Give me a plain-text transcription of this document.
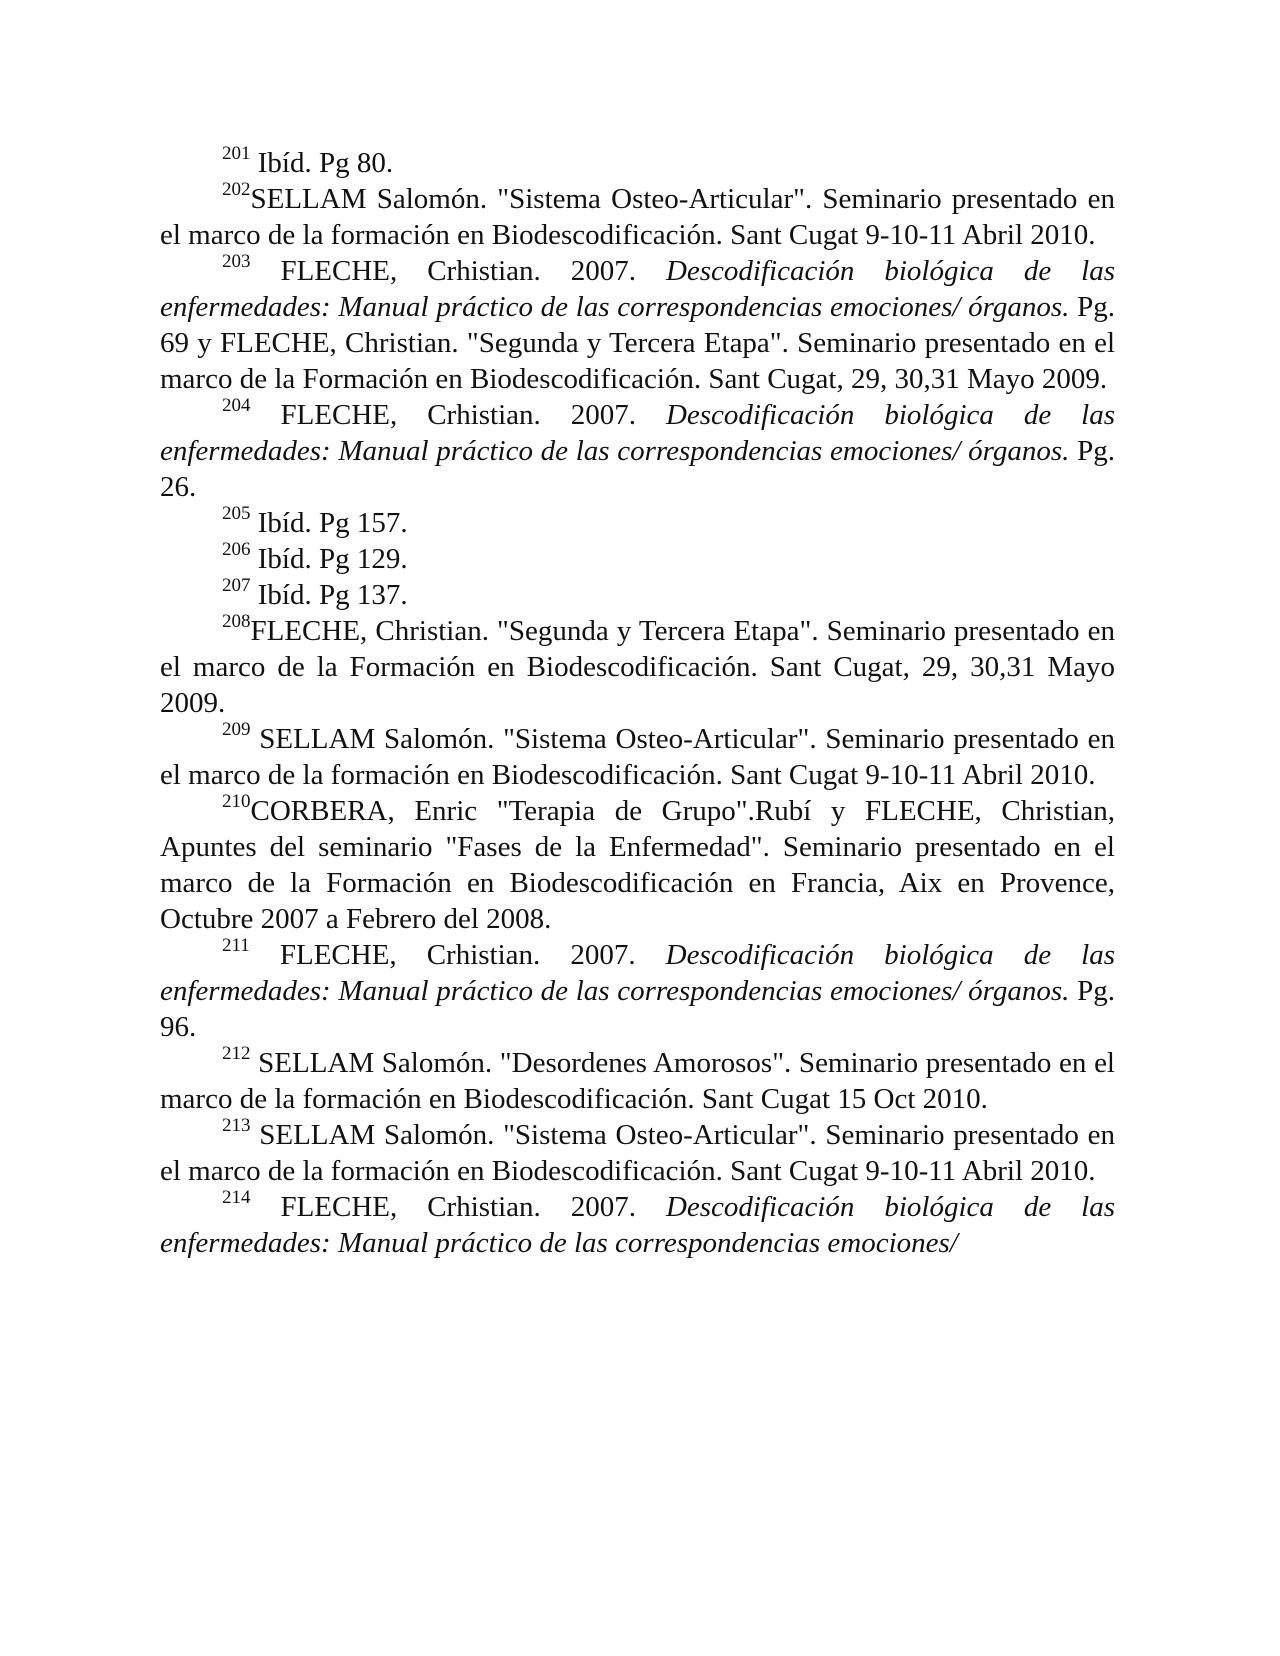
$^{201}$ Ibíd. Pg 80.

$^{202}$SELLAM Salomón. "Sistema Osteo-Articular". Seminario presentado en el marco de la formación en Biodescodificación. Sant Cugat 9-10-11 Abril 2010.

$^{203}$ FLECHE, Crhistian. 2007. Descodificación biológica de las enfermedades: Manual práctico de las correspondencias emociones/ órganos. Pg. 69 y FLECHE, Christian. "Segunda y Tercera Etapa". Seminario presentado en el marco de la Formación en Biodescodificación. Sant Cugat, 29, 30,31 Mayo 2009.

$^{204}$ FLECHE, Crhistian. 2007. Descodificación biológica de las enfermedades: Manual práctico de las correspondencias emociones/ órganos. Pg. 26.

$^{205}$ Ibíd. Pg 157.

$^{206}$ Ibíd. Pg 129.

$^{207}$ Ibíd. Pg 137.

$^{208}$FLECHE, Christian. "Segunda y Tercera Etapa". Seminario presentado en el marco de la Formación en Biodescodificación. Sant Cugat, 29, 30,31 Mayo 2009.

$^{209}$ SELLAM Salomón. "Sistema Osteo-Articular". Seminario presentado en el marco de la formación en Biodescodificación. Sant Cugat 9-10-11 Abril 2010.

$^{210}$CORBERA, Enric "Terapia de Grupo".Rubí y FLECHE, Christian, Apuntes del seminario "Fases de la Enfermedad". Seminario presentado en el marco de la Formación en Biodescodificación en Francia, Aix en Provence, Octubre 2007 a Febrero del 2008.

$^{211}$ FLECHE, Crhistian. 2007. Descodificación biológica de las enfermedades: Manual práctico de las correspondencias emociones/ órganos. Pg. 96.

$^{212}$ SELLAM Salomón. "Desordenes Amorosos". Seminario presentado en el marco de la formación en Biodescodificación. Sant Cugat 15 Oct 2010.

$^{213}$ SELLAM Salomón. "Sistema Osteo-Articular". Seminario presentado en el marco de la formación en Biodescodificación. Sant Cugat 9-10-11 Abril 2010.

$^{214}$ FLECHE, Crhistian. 2007. Descodificación biológica de las enfermedades: Manual práctico de las correspondencias emociones/
